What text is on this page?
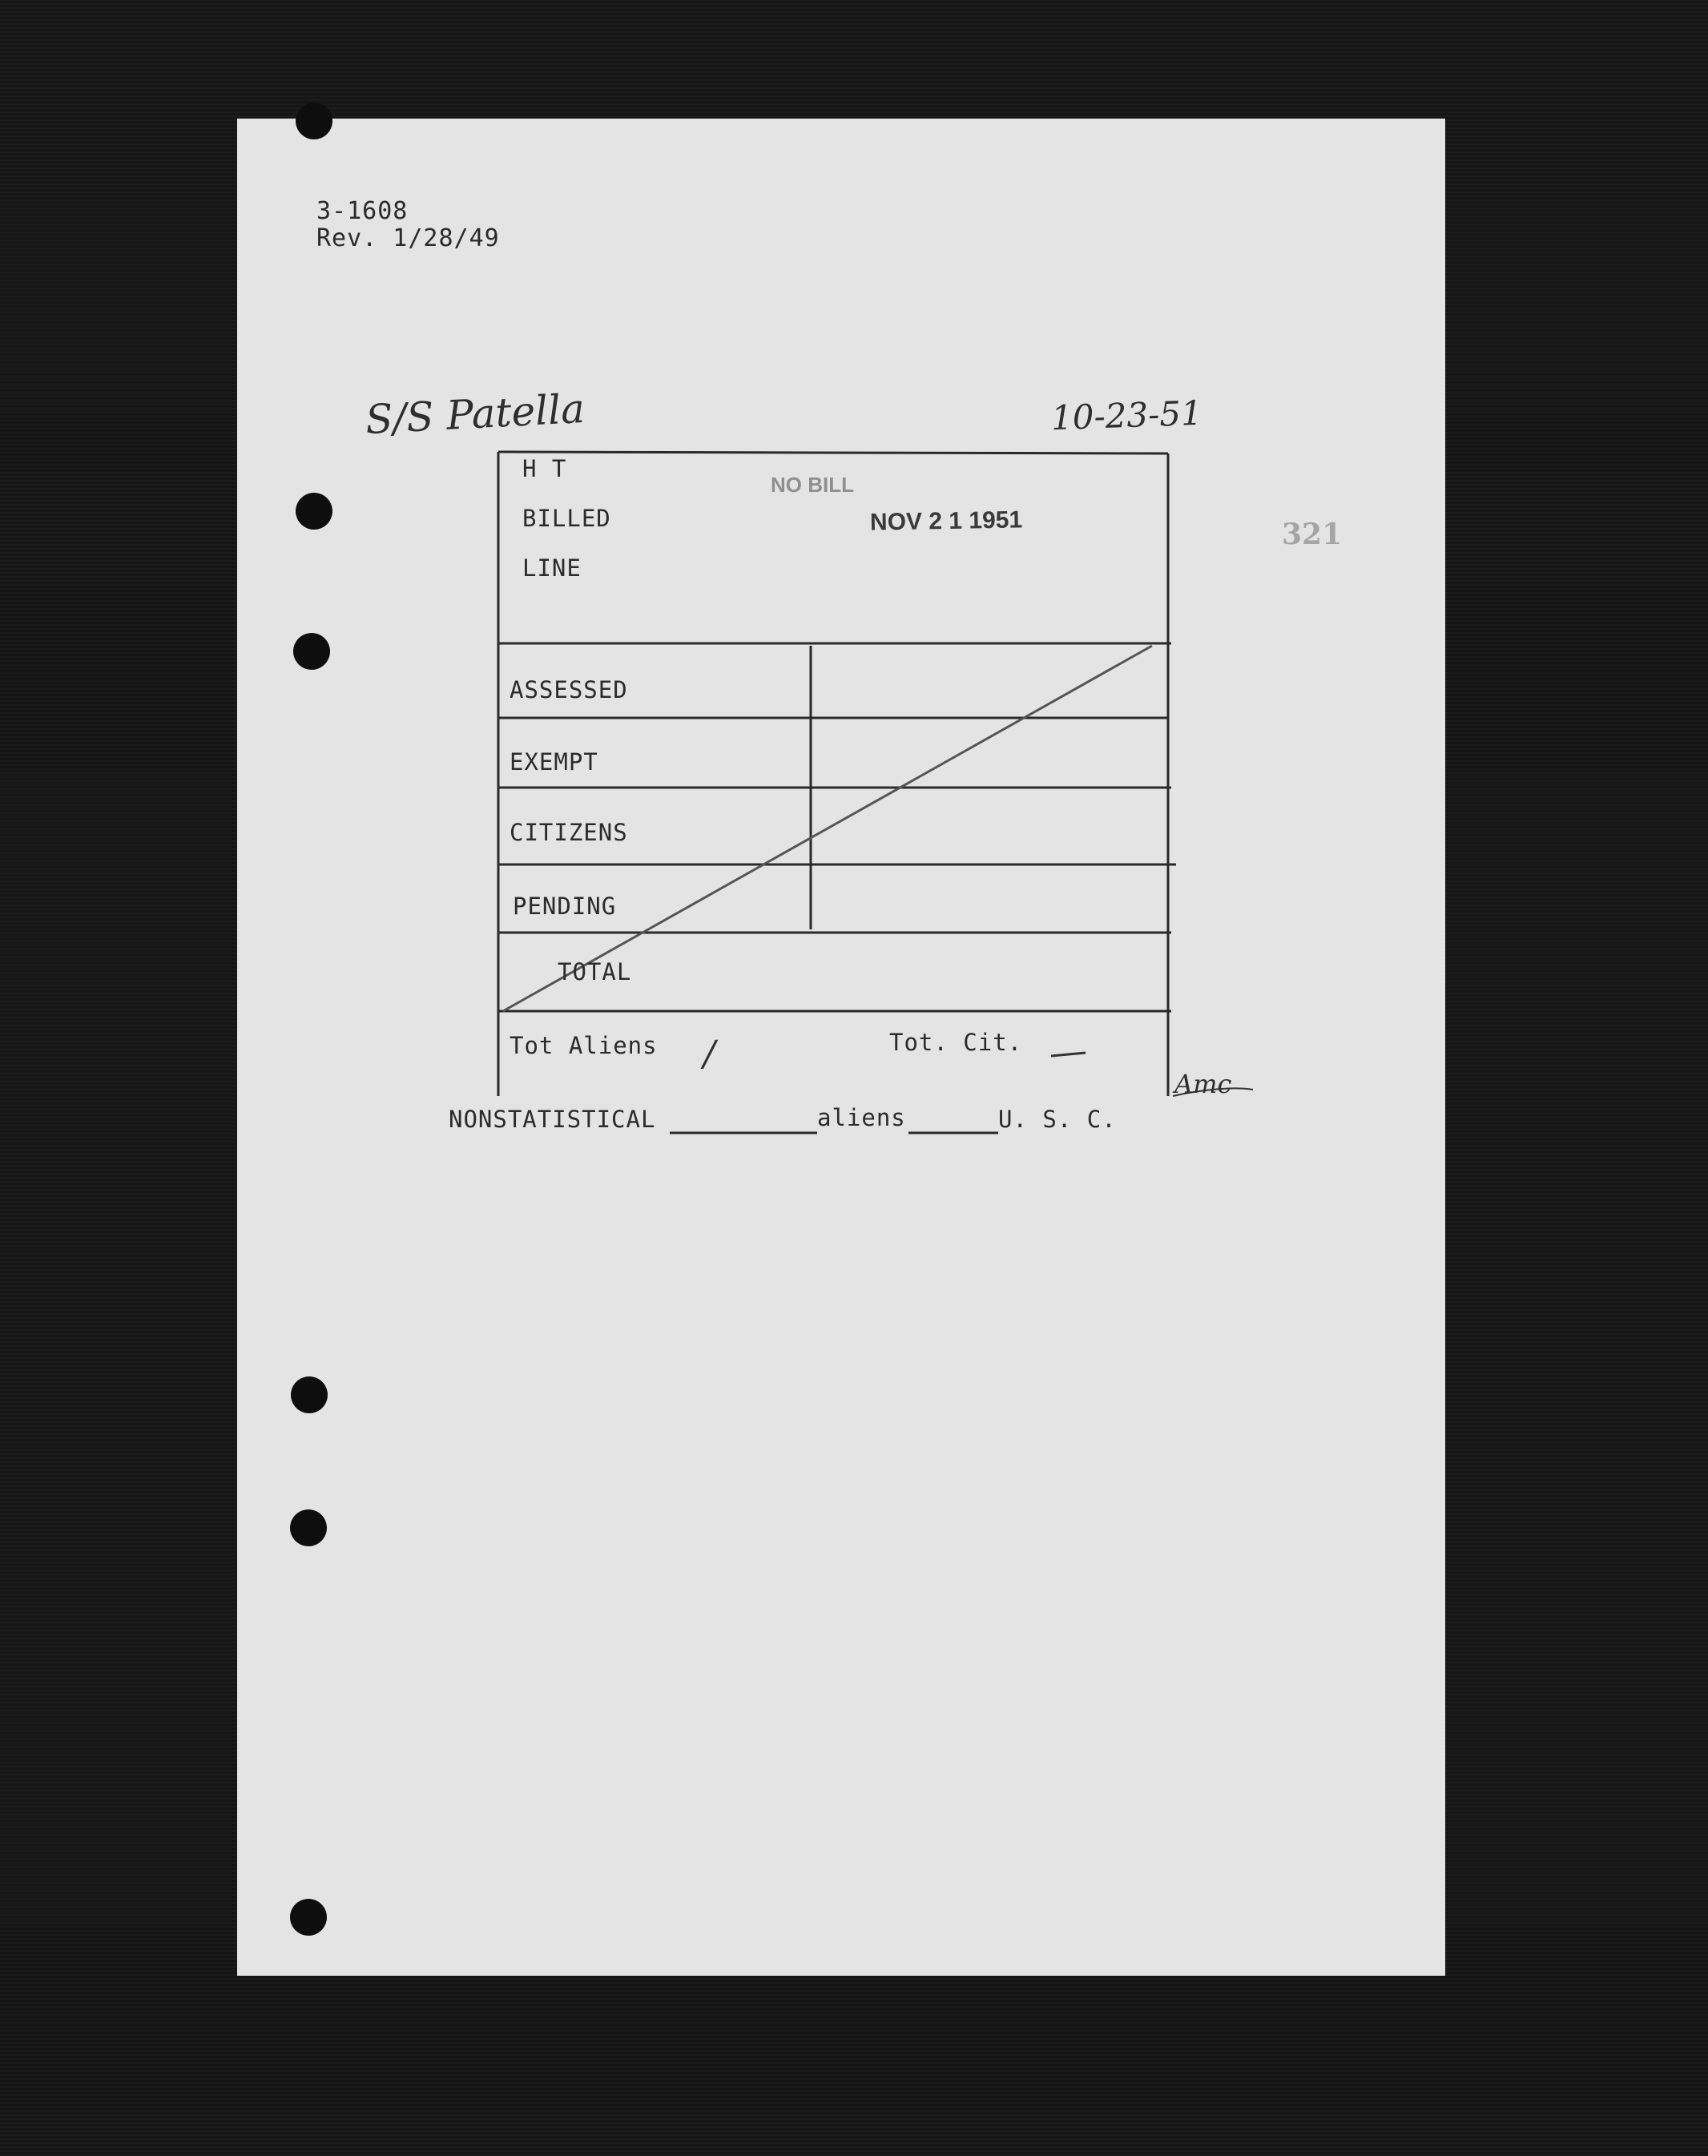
3-1608
Rev. 1/28/49
S/S Patella	10-23-51
NO BILL
NOV 2 1 1951	321
H T
BILLED
LINE
ASSESSED
EXEMPT
CITIZENS
PENDING
TOTAL
Tot Aliens /	Tot. Cit.
Amc
NONSTATISTICAL	aliens	U. S. C.
